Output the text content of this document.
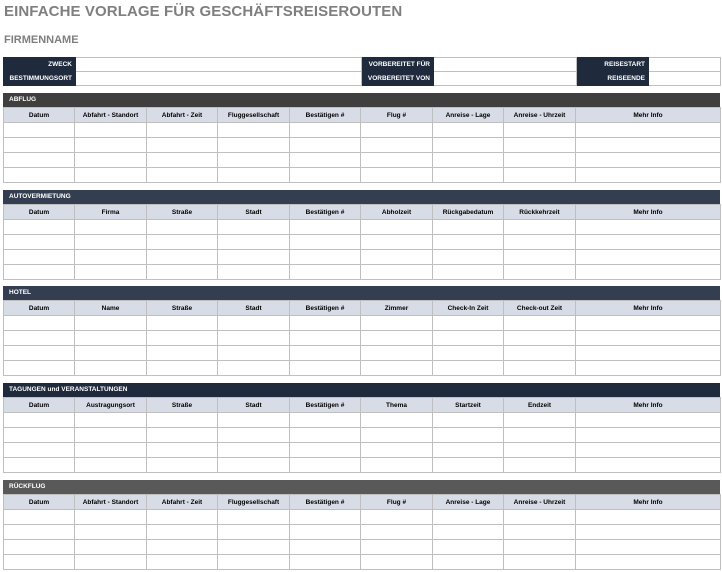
EINFACHE VORLAGE FÜR GESCHÄFTSREISEROUTEN
FIRMENNAME
ZWECK		VORBEREITET FÜR		REISESTART	
BESTIMMUNGSORT		VORBEREITET VON		REISEENDE	
ABFLUG
Datum	Abfahrt - Standort	Abfahrt - Zeit	Fluggesellschaft	Bestätigen #	Flug #	Anreise - Lage	Anreise - Uhrzeit	Mehr Info

AUTOVERMIETUNG
Datum	Firma	Straße	Stadt	Bestätigen #	Abholzeit	Rückgabedatum	Rückkehrzeit	Mehr Info

HOTEL
Datum	Name	Straße	Stadt	Bestätigen #	Zimmer	Check-In Zeit	Check-out Zeit	Mehr Info

TAGUNGEN und VERANSTALTUNGEN
Datum	Austragungsort	Straße	Stadt	Bestätigen #	Thema	Startzeit	Endzeit	Mehr Info

RÜCKFLUG
Datum	Abfahrt - Standort	Abfahrt - Zeit	Fluggesellschaft	Bestätigen #	Flug #	Anreise - Lage	Anreise - Uhrzeit	Mehr Info
